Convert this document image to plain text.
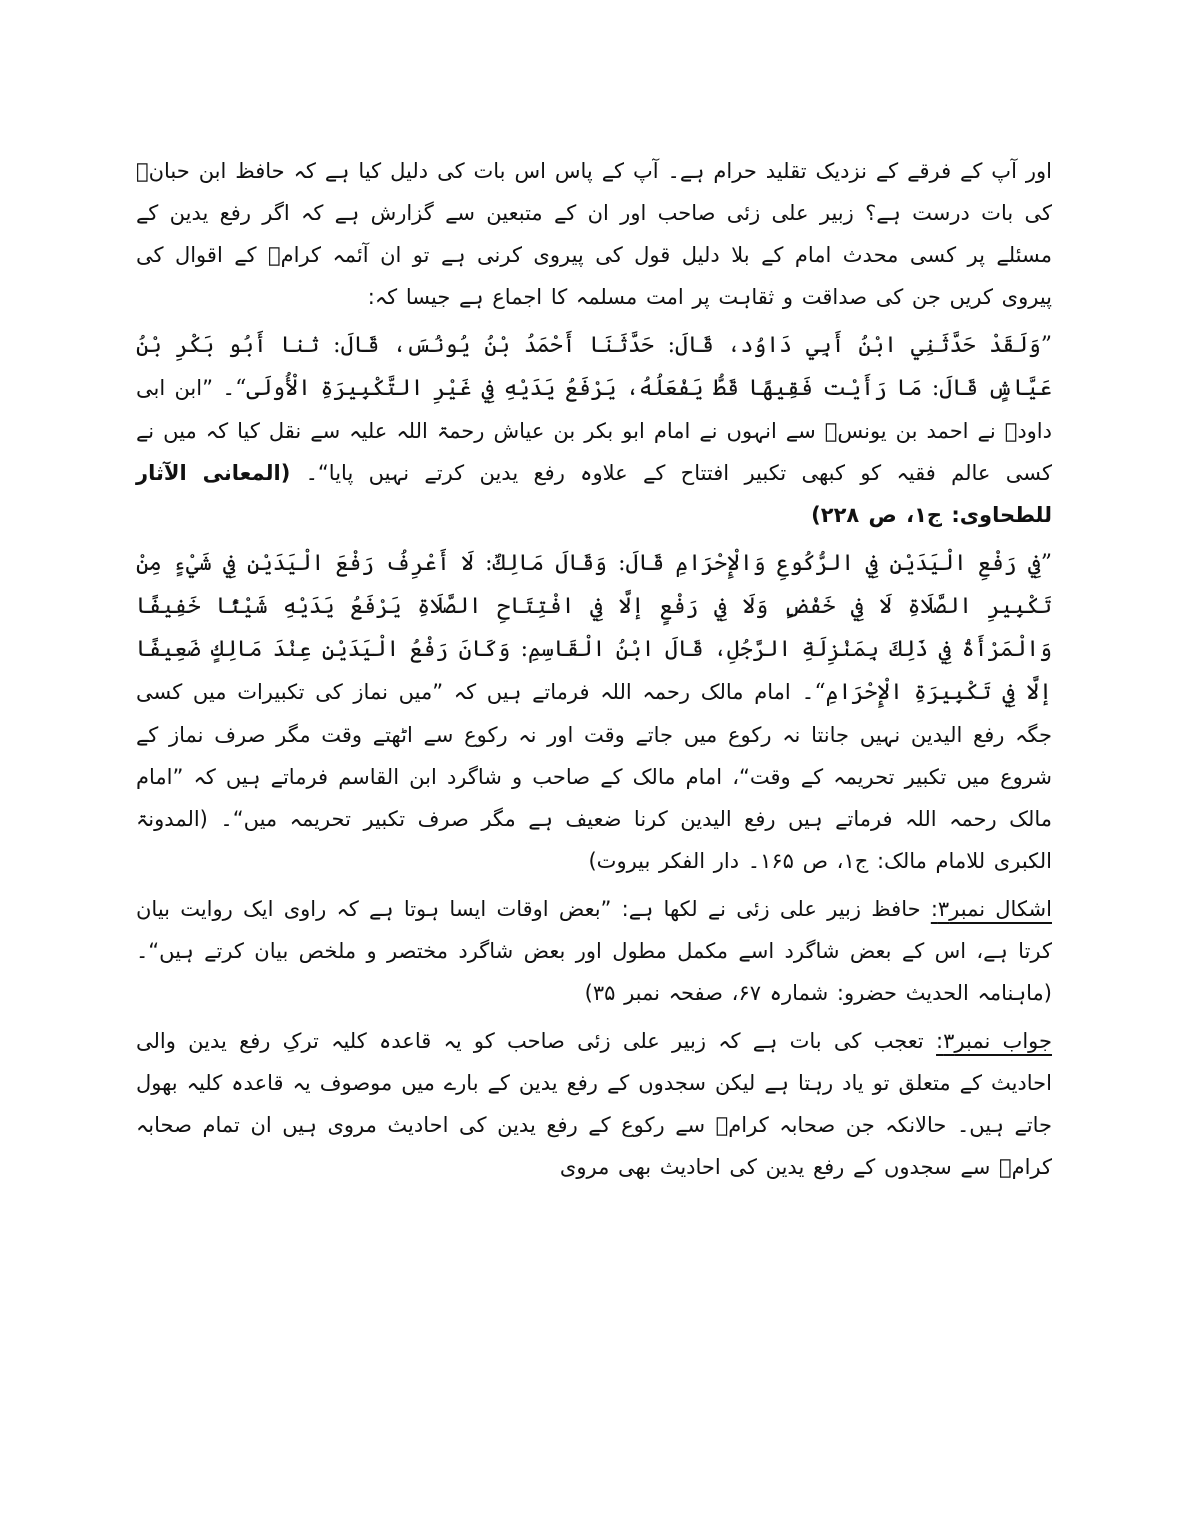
اور آپ کے فرقے کے نزدیک تقلید حرام ہے۔ آپ کے پاس اس بات کی دلیل کیا ہے کہ حافظ ابن حبانؒ کی بات درست ہے؟ زبیر علی زئی صاحب اور ان کے متبعین سے گزارش ہے کہ اگر رفع یدین کے مسئلے پر کسی محدث امام کے بلا دلیل قول کی پیروی کرنی ہے تو ان آئمہ کرامؒ کے اقوال کی پیروی کریں جن کی صداقت و ثقاہت پر امت مسلمہ کا اجماع ہے جیسا کہ:

”وَلَقَدْ حَدَّثَنِي ابْنُ أَبِي دَاوُد، قَالَ: حَدَّثَنَا أَحْمَدُ بْنُ يُونُسَ، قَالَ: ثنا أَبُو بَكْرِ بْنُ عَيَّاشٍ قَالَ: مَا رَأَيْت فَقِيهًا قَطُّ يَفْعَلُهُ، يَرْفَعُ يَدَيْهِ فِي غَيْرِ التَّكْبِيرَةِ الْأُولَى“۔ ”ابن ابی داودؒ نے احمد بن یونسؒ سے انہوں نے امام ابو بکر بن عیاش رحمۃ اللہ علیہ سے نقل کیا کہ میں نے کسی عالم فقیہ کو کبھی تکبیر افتتاح کے علاوہ رفع یدین کرتے نہیں پایا“۔ (المعانی الآثار للطحاوی: ج۱، ص ۲۲۸)

”فِي رَفْعِ الْيَدَيْنِ فِي الرُّكُوعِ وَالْإِحْرَامِ قَالَ: وَقَالَ مَالِكٌ: لَا أَعْرِفُ رَفْعَ الْيَدَيْنِ فِي شَيْءٍ مِنْ تَكْبِيرِ الصَّلَاةِ لَا فِي خَفْضٍ وَلَا فِي رَفْعٍ إلَّا فِي افْتِتَاحِ الصَّلَاةِ يَرْفَعُ يَدَيْهِ شَيْئًا خَفِيفًا وَالْمَرْأَةُ فِي ذَلِكَ بِمَنْزِلَةِ الرَّجُلِ، قَالَ ابْنُ الْقَاسِمِ: وَكَانَ رَفْعُ الْيَدَيْنِ عِنْدَ مَالِكٍ ضَعِيفًا إلَّا فِي تَكْبِيرَةِ الْإِحْرَامِ“۔ امام مالک رحمہ اللہ فرماتے ہیں کہ ”میں نماز کی تکبیرات میں کسی جگہ رفع الیدین نہیں جانتا نہ رکوع میں جاتے وقت اور نہ رکوع سے اٹھتے وقت مگر صرف نماز کے شروع میں تکبیر تحریمہ کے وقت“، امام مالک کے صاحب و شاگرد ابن القاسم فرماتے ہیں کہ ”امام مالک رحمہ اللہ فرماتے ہیں رفع الیدین کرنا ضعیف ہے مگر صرف تکبیر تحریمہ میں“۔ (المدونۃ الکبری للامام مالک: ج۱، ص ۱۶۵۔ دار الفکر بیروت)

اشکال نمبر۳: حافظ زبیر علی زئی نے لکھا ہے: ”بعض اوقات ایسا ہوتا ہے کہ راوی ایک روایت بیان کرتا ہے، اس کے بعض شاگرد اسے مکمل مطول اور بعض شاگرد مختصر و ملخص بیان کرتے ہیں“۔ (ماہنامہ الحدیث حضرو: شمارہ ۶۷، صفحہ نمبر ۳۵)

جواب نمبر۳: تعجب کی بات ہے کہ زبیر علی زئی صاحب کو یہ قاعدہ کلیہ ترکِ رفع یدین والی احادیث کے متعلق تو یاد رہتا ہے لیکن سجدوں کے رفع یدین کے بارے میں موصوف یہ قاعدہ کلیہ بھول جاتے ہیں۔ حالانکہ جن صحابہ کرامؓ سے رکوع کے رفع یدین کی احادیث مروی ہیں ان تمام صحابہ کرامؓ سے سجدوں کے رفع یدین کی احادیث بھی مروی
